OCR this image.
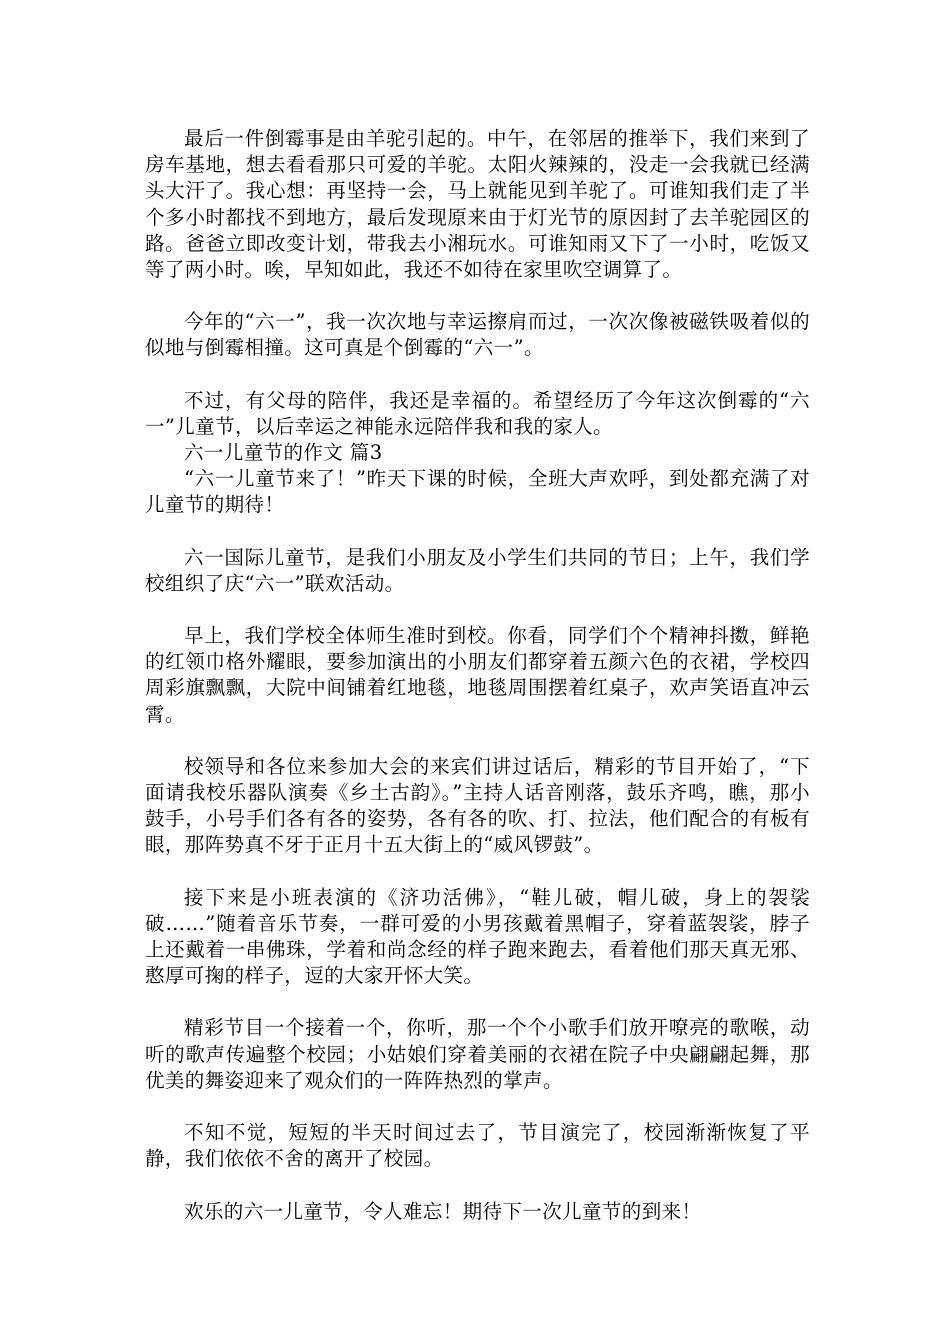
最后一件倒霉事是由羊驼引起的。中午，在邻居的推举下，我们来到了房车基地，想去看看那只可爱的羊驼。太阳火辣辣的，没走一会我就已经满头大汗了。我心想：再坚持一会，马上就能见到羊驼了。可谁知我们走了半个多小时都找不到地方，最后发现原来由于灯光节的原因封了去羊驼园区的路。爸爸立即改变计划，带我去小湘玩水。可谁知雨又下了一小时，吃饭又等了两小时。唉，早知如此，我还不如待在家里吹空调算了。

今年的“六一”，我一次次地与幸运擦肩而过，一次次像被磁铁吸着似的似地与倒霉相撞。这可真是个倒霉的“六一”。

不过，有父母的陪伴，我还是幸福的。希望经历了今年这次倒霉的“六一”儿童节，以后幸运之神能永远陪伴我和我的家人。

六一儿童节的作文 篇3

“六一儿童节来了！”昨天下课的时候，全班大声欢呼，到处都充满了对儿童节的期待！

六一国际儿童节，是我们小朋友及小学生们共同的节日；上午，我们学校组织了庆“六一”联欢活动。

早上，我们学校全体师生准时到校。你看，同学们个个精神抖擞，鲜艳的红领巾格外耀眼，要参加演出的小朋友们都穿着五颜六色的衣裙，学校四周彩旗飘飘，大院中间铺着红地毯，地毯周围摆着红桌子，欢声笑语直冲云霄。

校领导和各位来参加大会的来宾们讲过话后，精彩的节目开始了，“下面请我校乐器队演奏《乡土古韵》。”主持人话音刚落，鼓乐齐鸣，瞧，那小鼓手，小号手们各有各的姿势，各有各的吹、打、拉法，他们配合的有板有眼，那阵势真不牙于正月十五大街上的“威风锣鼓”。

接下来是小班表演的《济功活佛》，“鞋儿破，帽儿破，身上的袈裟破……”随着音乐节奏，一群可爱的小男孩戴着黑帽子，穿着蓝袈裟，脖子上还戴着一串佛珠，学着和尚念经的样子跑来跑去，看着他们那天真无邪、憨厚可掬的样子，逗的大家开怀大笑。

精彩节目一个接着一个，你听，那一个个小歌手们放开嘹亮的歌喉，动听的歌声传遍整个校园；小姑娘们穿着美丽的衣裙在院子中央翩翩起舞，那优美的舞姿迎来了观众们的一阵阵热烈的掌声。

不知不觉，短短的半天时间过去了，节目演完了，校园渐渐恢复了平静，我们依依不舍的离开了校园。

欢乐的六一儿童节，令人难忘！期待下一次儿童节的到来！
